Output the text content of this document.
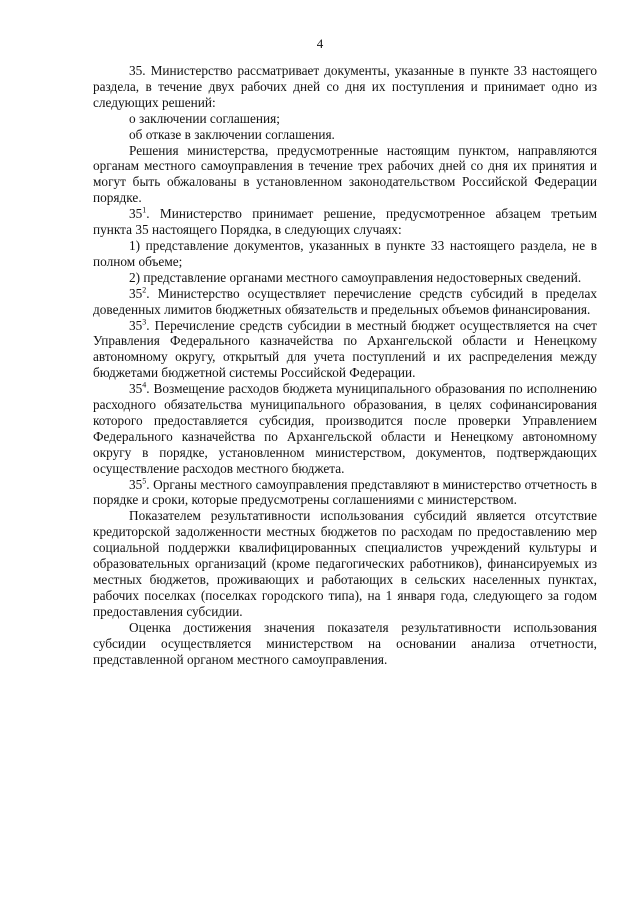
4

35. Министерство рассматривает документы, указанные в пункте 33 настоящего раздела, в течение двух рабочих дней со дня их поступления и принимает одно из следующих решений:

о заключении соглашения;

об отказе в заключении соглашения.

Решения министерства, предусмотренные настоящим пунктом, направляются органам местного самоуправления в течение трех рабочих дней со дня их принятия и могут быть обжалованы в установленном законодательством Российской Федерации порядке.

$35^1$. Министерство принимает решение, предусмотренное абзацем третьим пункта 35 настоящего Порядка, в следующих случаях:

1) представление документов, указанных в пункте 33 настоящего раздела, не в полном объеме;

2) представление органами местного самоуправления недостоверных сведений.

$35^2$. Министерство осуществляет перечисление средств субсидий в пределах доведенных лимитов бюджетных обязательств и предельных объемов финансирования.

$35^3$. Перечисление средств субсидии в местный бюджет осуществляется на счет Управления Федерального казначейства по Архангельской области и Ненецкому автономному округу, открытый для учета поступлений и их распределения между бюджетами бюджетной системы Российской Федерации.

$35^4$. Возмещение расходов бюджета муниципального образования по исполнению расходного обязательства муниципального образования, в целях софинансирования которого предоставляется субсидия, производится после проверки Управлением Федерального казначейства по Архангельской области и Ненецкому автономному округу в порядке, установленном министерством, документов, подтверждающих осуществление расходов местного бюджета.

$35^5$. Органы местного самоуправления представляют в министерство отчетность в порядке и сроки, которые предусмотрены соглашениями с министерством.

Показателем результативности использования субсидий является отсутствие кредиторской задолженности местных бюджетов по расходам по предоставлению мер социальной поддержки квалифицированных специалистов учреждений культуры и образовательных организаций (кроме педагогических работников), финансируемых из местных бюджетов, проживающих и работающих в сельских населенных пунктах, рабочих поселках (поселках городского типа), на 1 января года, следующего за годом предоставления субсидии.

Оценка достижения значения показателя результативности использования субсидии осуществляется министерством на основании анализа отчетности, представленной органом местного самоуправления.
